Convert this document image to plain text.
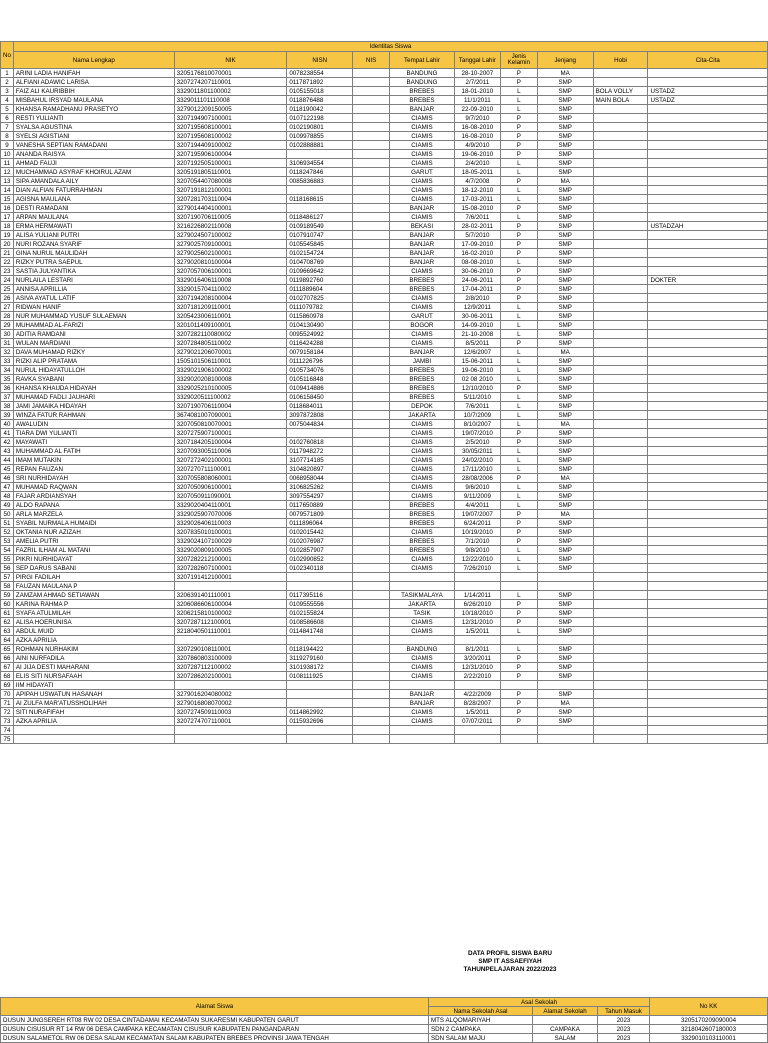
No	Identitas Siswa									
	Nama Lengkap	NIK	NISN	NIS	Tempat Lahir	Tanggal Lahir	Jenis Kelamin	Jenjang	Hobi	Cita-Cita
1	ARINI LADIA HANIFAH	3205176810070001	0078238554		BANDUNG	28-10-2007	P	MA		
2	ALFIANI ADAWIC LARISA	3207274207110001	0117871892		BANDUNG	2/7/2011	P	SMP		
3	FAIZ ALI KAURIBBIH	3329011801100002	0105155018		BREBES	18-01-2010	L	SMP	BOLA VOLLY	USTADZ
4	MISBAHUL IRSYAD MAULANA	3329011101110008	0118876488		BREBES	11/1/2011	L	SMP	MAIN BOLA	USTADZ
5	KHANSA RAMADHANU PRASETYO	3279012209150005	0118190042		BANJAR	22-09-2010	L	SMP		
6	RESTI YULIANTI	3207194907100001	0107122198		CIAMIS	9/7/2010	P	SMP		
7	SYALSA AGUSTINA	3207195608100001	0102190801		CIAMIS	16-08-2010	P	SMP		
8	SYELSI AGISTIANI	3207195608100002	0109978855		CIAMIS	16-08-2010	P	SMP		
9	VANESHA SEPTIAN RAMADANI	3207194409100002	0102888881		CIAMIS	4/9/2010	P	SMP		
10	ANANDA RAISYA	3207195906100004			CIAMIS	19-06-2010	P	SMP		
11	AHMAD FAUJI	3207192505100001	3106934554		CIAMIS	2/4/2010	L	SMP		
12	MUCHAMMAD ASYRAF KHOIRUL AZAM	3205191805110001	0118247846		GARUT	18-05-2011	L	SMP		
13	SIPA AMANDALA AILY	3207054407080008	0085836883		CIAMIS	4/7/2008	P	MA		
14	DIAN ALFIAN FATURRAHMAN	3207191812100001			CIAMIS	18-12-2010	L	SMP		
15	AGISNA MAULANA	3207281703110004	0118168615		CIAMIS	17-03-2011	L	SMP		
16	DESTI RAMADANI	3279014404100001			BANJAR	15-08-2010	P	SMP		
17	ARPAN MAULANA	3207190706110005	0118486127		CIAMIS	7/6/2011	L	SMP		
18	ERMA HERMAWATI	3216226802110008	0109189549		BEKASI	28-02-2011	P	SMP		USTADZAH
19	ALISA YULIANI PUTRI	3279024507100002	0107910747		BANJAR	5/7/2010	P	SMP		
20	NURI ROZANA SYARIF	3279025709100001	0105545845		BANJAR	17-09-2010	P	SMP		
21	GINA NURUL MAULIDAH	3279025602100001	0102154724		BANJAR	16-02-2010	P	SMP		
22	RIZKY PUTRA SAEPUL	3279020810100004	0104708769		BANJAR	08-08-2010	L	SMP		
23	SASTIA JULYANTIKA	3207057006100001	0109669642		CIAMIS	30-06-2010	P	SMP		
24	NURLAILA LESTARI	3329016406110008	0119892760		BREBES	24-06-2011	P	SMP		DOKTER
25	ANNISA APRILLIA	3329015704110002	0111889604		BREBES	17-04-2011	P	SMP		
26	ASIVA AYATUL LATIF	3207194208100004	0102707825		CIAMIS	2/8/2010	P	SMP		
27	RIDWAN HANIF	3207181209110001	0111079782		CIAMIS	12/9/2011	L	SMP		
28	NUR MUHAMMAD YUSUF SULAEMAN	3205423006110001	0115860978		GARUT	30-06-2011	L	SMP		
29	MUHAMMAD AL-FARIZI	3201011409100001	0104130490		BOGOR	14-09-2010	L	SMP		
30	ADITIA RAMDANI	3207282110080002	0095524992		CIAMIS	21-10-2008	L	SMP		
31	WULAN MARDIANI	3207284805110002	0116424288		CIAMIS	8/5/2011	P	SMP		
32	DAVA MUHAMAD RIZKY	3279021206070001	0079158184		BANJAR	12/6/2007	L	MA		
33	RIZKI ALIP PRATAMA	1505101506110001	0111226796		JAMBI	15-06-2011	L	SMP		
34	NURUL HIDAYATULLOH	3329021906100002	0105734076		BREBES	19-06-2010	L	SMP		
35	RAVKA SYABANI	3329020208100008	0105116848		BREBES	02 08 2010	L	SMP		
36	KHANSA KHAUDA HIDAYAH	3329025210100005	0109414886		BREBES	12/10/2010	P	SMP		
37	MUHAMAD FADLI JAUHARI	3329020511100002	0106158450		BREBES	5/11/2010	L	SMP		
38	JAMI JAMAIKA HIDAYAH	3207190706110004	0118684011		DEPOK	7/6/2011	L	SMP		
39	WINZA FATUR RAHMAN	3674081007090001	3097872808		JAKARTA	10/7/2009	L	SMP		
40	AWALUDIN	3207050810070001	0075044834		CIAMIS	8/10/2007	L	MA		
41	TIARA DWI YULIANTI	3207275907100001			CIAMIS	19/07/2010	P	SMP		
42	MAYAWATI	3207184205100004	0102760818		CIAMIS	2/5/2010	P	SMP		
43	MUHAMMAD AL FATIH	3207093005110006	0117948272		CIAMIS	30/05/2011	L	SMP		
44	IMAM MUTAKIN	3207272402100001	3107714185		CIAMIS	24/02/2010	L	SMP		
45	REPAN FAUZAN	3207270711100001	3104820897		CIAMIS	17/11/2010	L	SMP		
46	SRI NURHIDAYAH	3207055808060001	0068958044		CIAMIS	28/08/2006	P	MA		
47	MUHAMAD RAQWAN	3207050906100001	3106825262		CIAMIS	9/6/2010	L	SMP		
48	FAJAR ARDIANSYAH	3207050911090001	3097554297		CIAMIS	9/11/2009	L	SMP		
49	ALDO RAPANA	3329020404110001	0117650889		BREBES	4/4/2011	L	SMP		
50	ARLA MARZELA	3329025907070006	0079571809		BREBES	19/07/2007	P	MA		
51	SYABIL NURMALA HUMAIDI	3329026406110003	0111896064		BREBES	6/24/2011	P	SMP		
52	OKTANIA NUR AZIZAH	3207835010100001	0102015442		CIAMIS	10/19/2010	P	SMP		
53	AMELIA PUTRI	3329024107100029	0102076987		BREBES	7/1/2010	P	SMP		
54	FAZRIL ILHAM AL MATANI	3329020809100005	0102857907		BREBES	9/8/2010	L	SMP		
55	PIKRI NURHIDAYAT	3207282212100001	0102990852		CIAMIS	12/22/2010	L	SMP		
56	SEP DARUS SABANI	3207282607100001	0102340118		CIAMIS	7/26/2010	L	SMP		
57	PIRGI FADILAH	3207191412100001								
58	FAUZAN MAULANA P									
59	ZAMZAM AHMAD SETIAWAN	3206391401110001	0117395116		TASIKMALAYA	1/14/2011	L	SMP		
60	KARINA RAHMA P	3206086606100004	0109555556		JAKARTA	6/26/2010	P	SMP		
61	SYAFA ATULMILAH	3206215810100002	0102155824		TASIK	10/18/2010	P	SMP		
62	ALISA HOERUNISA	3207287112100001	0108586608		CIAMIS	12/31/2010	P	SMP		
63	ABDUL MUID	3218040501110001	0114841748		CIAMIS	1/5/2011	L	SMP		
64	AZKA APRILIA									
65	ROHMAN NURHAKIM	3207290108110001	0118194422		BANDUNG	8/1/2011	L	SMP		
66	AINI NURFADILA	3207860803100009	3119279160		CIAMIS	3/20/2011	P	SMP		
67	AI JIJA DESTI MAHARANI	3207287112100002	3101938172		CIAMIS	12/31/2010	P	SMP		
68	ELIS SITI NURSAFAAH	3207286202100001	0108111925		CIAMIS	2/22/2010	P	SMP		
69	IIM HIDAYATI									
70	APIPAH USWATUN HASANAH	3279016204080002			BANJAR	4/22/2009	P	SMP		
71	AI ZULFA MAR'ATUSSHOLIHAH	3279016808070002			BANJAR	8/28/2007	P	MA		
72	SITI NURAFIFAH	3207274509110003	0114862992		CIAMIS	1/5/2011	P	SMP		
73	AZKA APRILIA	3207274707110001	0115932696		CIAMIS	07/07/2011	P	SMP		
74										
75										
DATA PROFIL SISWA BARU
SMP IT ASSAEFIYAH
TAHUNPELAJARAN 2022/2023
Alamat Siswa	Asal Sekolah			No KK
	Nama Sekolah Asal	Alamat Sekolah	Tahun Masuk	
DUSUN JUNGSEREH RT08 RW 02 DESA CINTADAMAI KECAMATAN SUKARESMI KABUPATEN GARUT	MTS ALQOMARIYAH		2023	3205170209090004
DUSUN CISUSUR RT 14 RW 06 DESA CAMPAKA KECAMATAN CISUSUR KABUPATEN PANGANDARAN	SDN 2 CAMPAKA	CAMPAKA	2023	3218042607180003
DUSUN SALAMETOL RW 06 DESA SALAM KECAMATAN SALAM KABUPATEN BREBES PROVINSI JAWA TENGAH	SDN SALAM MAJU	SALAM	2023	3329010103110001
